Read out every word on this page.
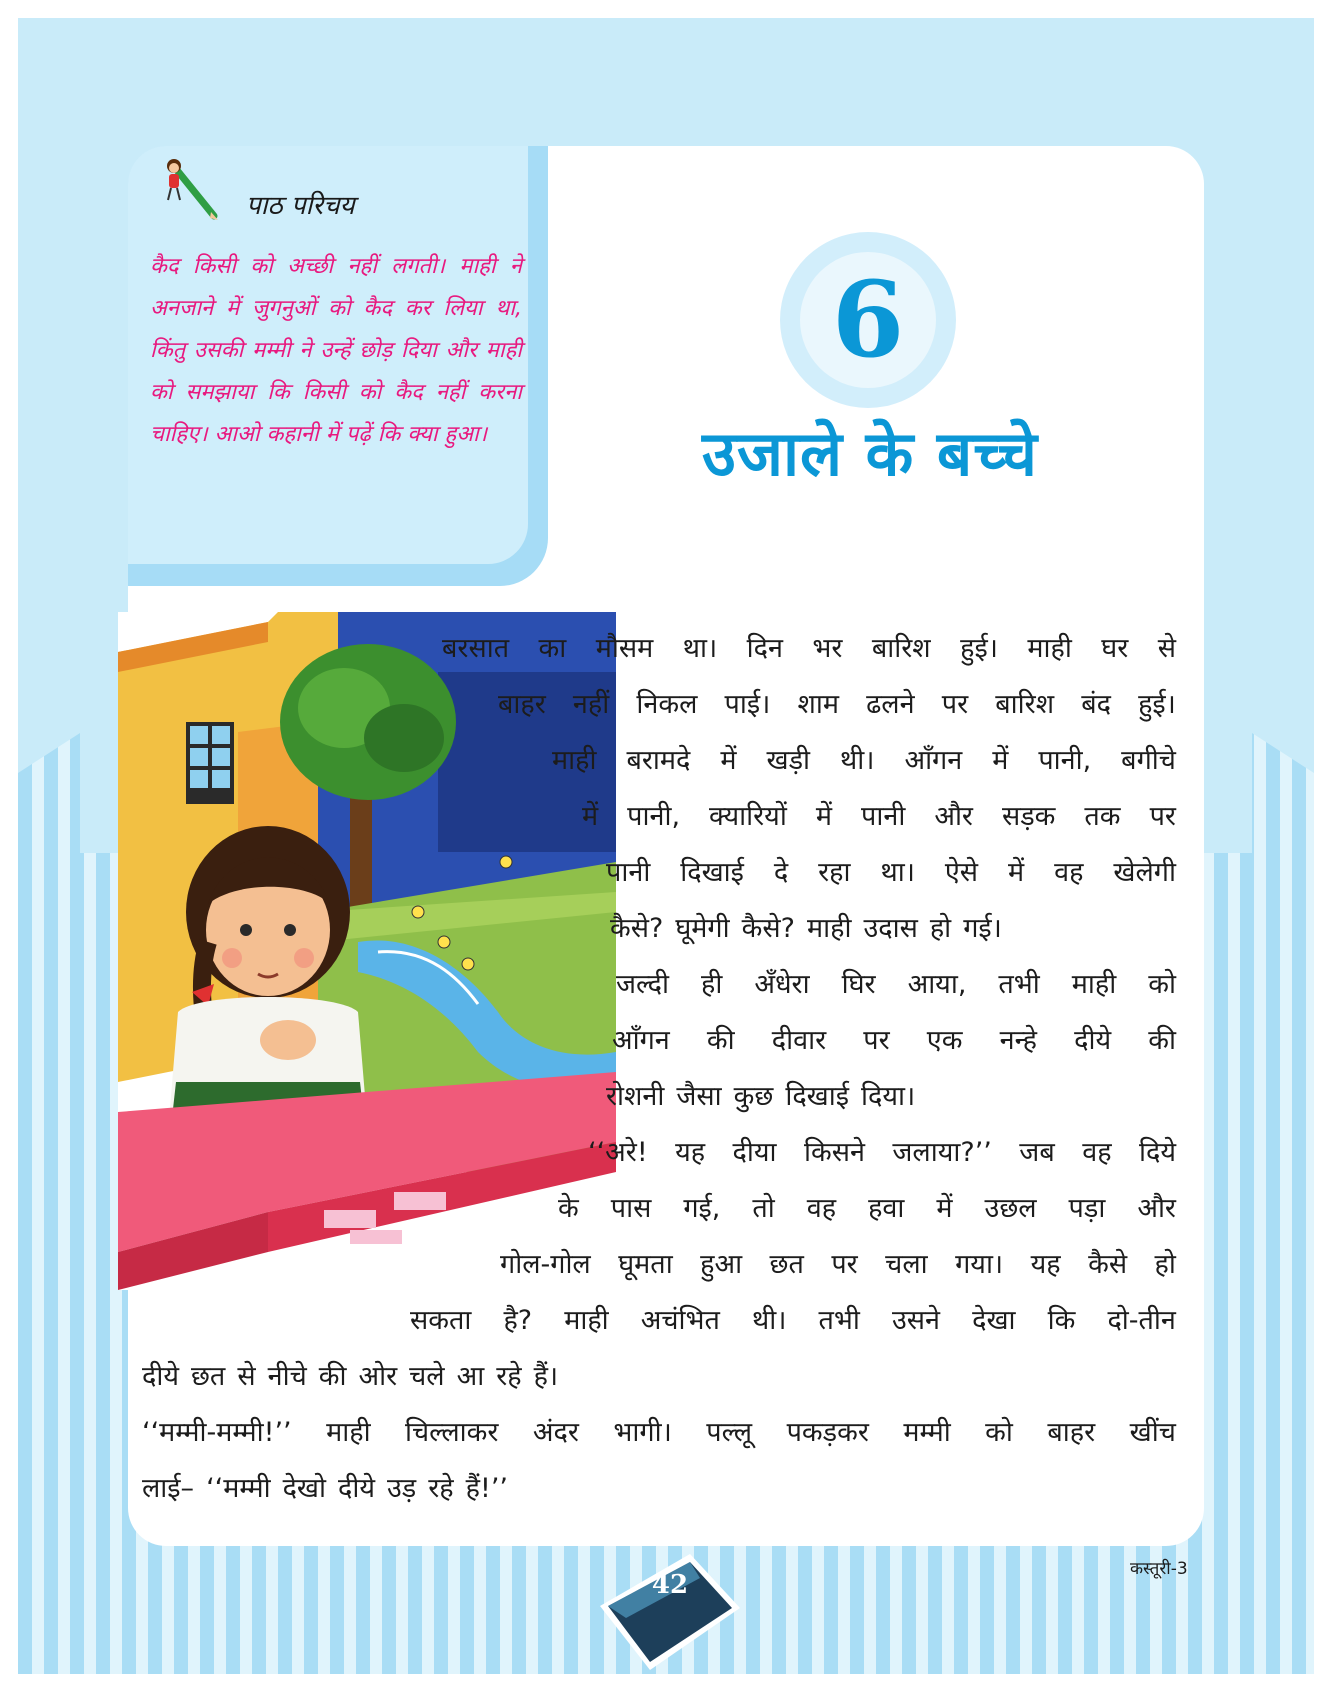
पाठ परिचय

कैद किसी को अच्छी नहीं लगती। माही ने अनजाने में जुगनुओं को कैद कर लिया था, किंतु उसकी मम्मी ने उन्हें छोड़ दिया और माही को समझाया कि किसी को कैद नहीं करना चाहिए। आओ कहानी में पढ़ें कि क्या हुआ।

6
उजाले के बच्चे
बरसात का मौसम था। दिन भर बारिश हुई। माही घर से
बाहर नहीं निकल पाई। शाम ढलने पर बारिश बंद हुई।
माही बरामदे में खड़ी थी। आँगन में पानी, बगीचे
में पानी, क्यारियों में पानी और सड़क तक पर
पानी दिखाई दे रहा था। ऐसे में वह खेलेगी
कैसे? घूमेगी कैसे? माही उदास हो गई।
जल्दी ही अँधेरा घिर आया, तभी माही को
आँगन की दीवार पर एक नन्हे दीये की
रोशनी जैसा कुछ दिखाई दिया।
‘‘अरे! यह दीया किसने जलाया?’’ जब वह दिये
के पास गई, तो वह हवा में उछल पड़ा और
गोल-गोल घूमता हुआ छत पर चला गया। यह कैसे हो
सकता है? माही अचंभित थी। तभी उसने देखा कि दो-तीन
दीये छत से नीचे की ओर चले आ रहे हैं।
‘‘मम्मी-मम्मी!’’ माही चिल्लाकर अंदर भागी। पल्लू पकड़कर मम्मी को बाहर खींच
लाई– ‘‘मम्मी देखो दीये उड़ रहे हैं!’’

42

कस्तूरी-3
